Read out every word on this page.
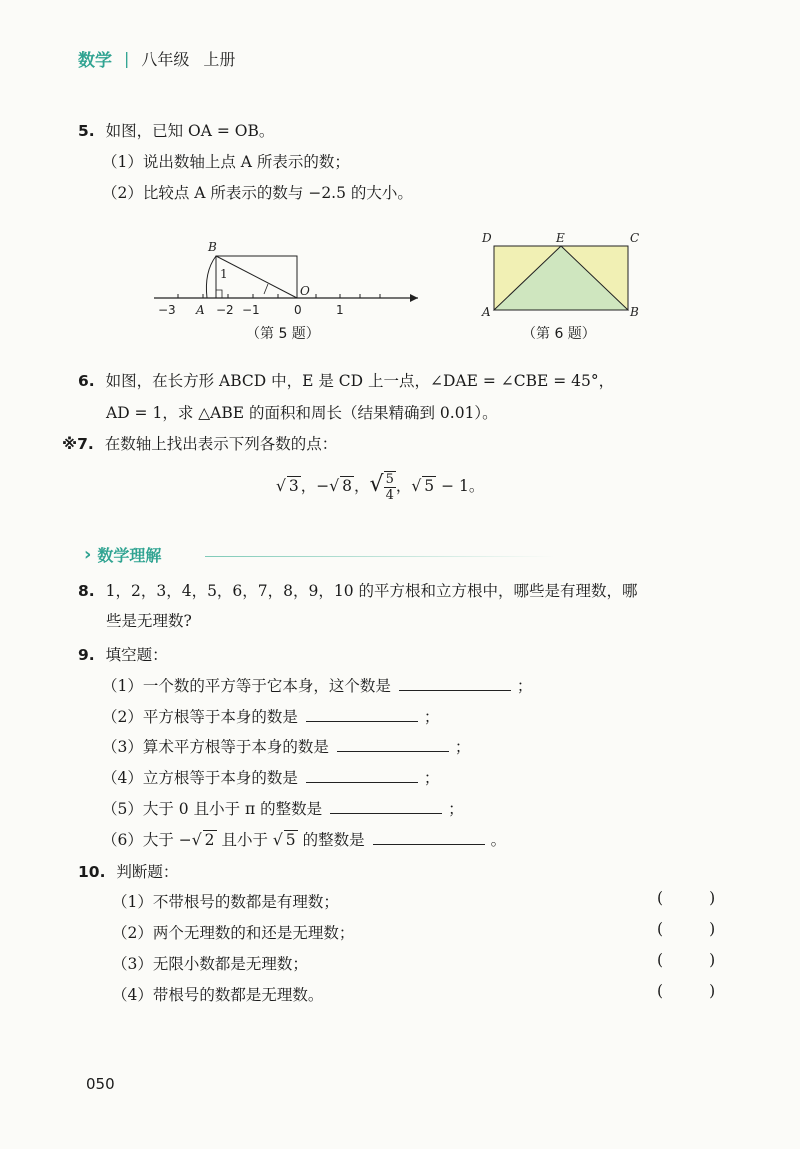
数学 | 八年级 上册
5. 如图，已知 OA = OB。
（1）说出数轴上点 A 所表示的数；
（2）比较点 A 所表示的数与 −2.5 的大小。
B
1
O
A
−3	−2 −1	0	1
（第 5 题）
D	E	C
A	B
（第 6 题）
6. 如图，在长方形 ABCD 中，E 是 CD 上一点，∠DAE = ∠CBE = 45°，
AD = 1，求 △ABE 的面积和周长（结果精确到 0.01）。
※7. 在数轴上找出表示下列各数的点：
√ 3 ，−√ 8 ，√ $\frac{5}{4}$ ，√ 5 − 1。
› 数学理解
8. 1，2，3，4，5，6，7，8，9，10 的平方根和立方根中，哪些是有理数，哪
些是无理数?
9. 填空题：
（1）一个数的平方等于它本身，这个数是	；
（2）平方根等于本身的数是	；
（3）算术平方根等于本身的数是	；
（4）立方根等于本身的数是	；
（5）大于 0 且小于 π 的整数是	；
（6）大于 −√ 2 且小于 √ 5 的整数是	。
10. 判断题：
（1）不带根号的数都是有理数；
（2）两个无理数的和还是无理数；
（3）无限小数都是无理数；
（4）带根号的数都是无理数。
(	)
(	)
(	)
(	)
050
